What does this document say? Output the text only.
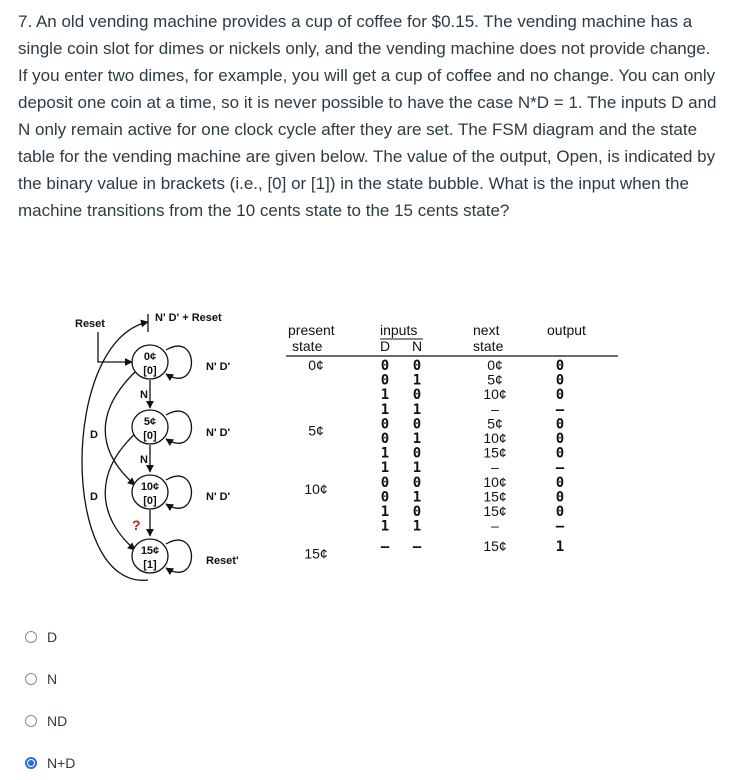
7. An old vending machine provides a cup of coffee for $0.15. The vending machine has a single coin slot for dimes or nickels only, and the vending machine does not provide change. If you enter two dimes, for example, you will get a cup of coffee and no change. You can only deposit one coin at a time, so it is never possible to have the case N*D = 1. The inputs D and N only remain active for one clock cycle after they are set. The FSM diagram and the state table for the vending machine are given below. The value of the output, Open, is indicated by the binary value in brackets (i.e., [0] or [1]) in the state bubble. What is the input when the machine transitions from the 10 cents state to the 15 cents state?

Reset	N' D' + Reset
D
D
0¢
[0]	N' D'
N
5¢
[0]	N' D'
N
10¢
[0]	N' D'
?
15¢
[1]	Reset'
present
state
inputs
D N
next
state
output
0¢	0 0	0¢	0
0 1	5¢	0
1 0	10¢	0
1 1	–	–
5¢	0 0	5¢	0
0 1	10¢	0
1 0	15¢	0
1 1	–	–
10¢	0 0	10¢	0
0 1	15¢	0
1 0	15¢	0
1 1	–	–
15¢	– –	15¢	1
D
N
ND
N+D
